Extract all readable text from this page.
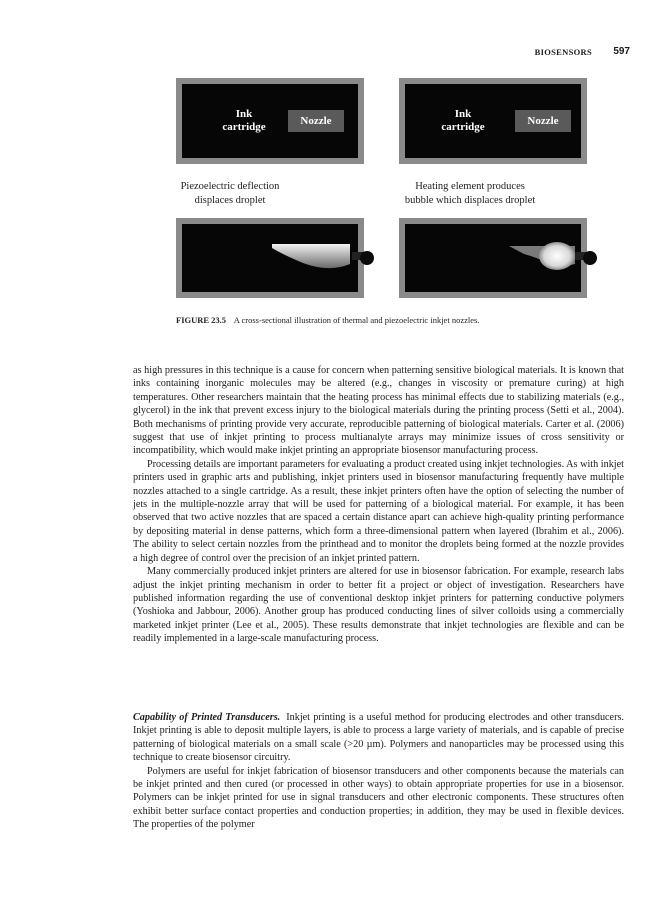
BIOSENSORS 597
Ink
cartridge	Nozzle
Ink
cartridge	Nozzle
Piezoelectric deflection
displaces droplet
Heating element produces
bubble which displaces droplet
FIGURE 23.5 A cross-sectional illustration of thermal and piezoelectric inkjet nozzles.

as high pressures in this technique is a cause for concern when patterning sensitive biological materials. It is known that inks containing inorganic molecules may be altered (e.g., changes in viscosity or premature curing) at high temperatures. Other researchers maintain that the heating process has minimal effects due to stabilizing materials (e.g., glycerol) in the ink that prevent excess injury to the biological materials during the printing process (Setti et al., 2004). Both mechanisms of printing provide very accurate, reproducible patterning of biological materials. Carter et al. (2006) suggest that use of inkjet printing to process multianalyte arrays may minimize issues of cross sensitivity or incompatibility, which would make inkjet printing an appropriate biosensor manufacturing process.

Processing details are important parameters for evaluating a product created using inkjet technologies. As with inkjet printers used in graphic arts and publishing, inkjet printers used in biosensor manufacturing frequently have multiple nozzles attached to a single cartridge. As a result, these inkjet printers often have the option of selecting the number of jets in the multiple-nozzle array that will be used for patterning of a biological material. For example, it has been observed that two active nozzles that are spaced a certain distance apart can achieve high-quality printing performance by depositing material in dense patterns, which form a three-dimensional pattern when layered (Ibrahim et al., 2006). The ability to select certain nozzles from the printhead and to monitor the droplets being formed at the nozzle provides a high degree of control over the precision of an inkjet printed pattern.

Many commercially produced inkjet printers are altered for use in biosensor fabrication. For example, research labs adjust the inkjet printing mechanism in order to better fit a project or object of investigation. Researchers have published information regarding the use of conventional desktop inkjet printers for patterning conductive polymers (Yoshioka and Jabbour, 2006). Another group has produced conducting lines of silver colloids using a commercially marketed inkjet printer (Lee et al., 2005). These results demonstrate that inkjet technologies are flexible and can be readily implemented in a large-scale manufacturing process.

Capability of Printed Transducers. Inkjet printing is a useful method for producing electrodes and other transducers. Inkjet printing is able to deposit multiple layers, is able to process a large variety of materials, and is capable of precise patterning of biological materials on a small scale (>20 µm). Polymers and nanoparticles may be processed using this technique to create biosensor circuitry.

Polymers are useful for inkjet fabrication of biosensor transducers and other components because the materials can be inkjet printed and then cured (or processed in other ways) to obtain appropriate properties for use in a biosensor. Polymers can be inkjet printed for use in signal transducers and other electronic components. These structures often exhibit better surface contact properties and conduction properties; in addition, they may be used in flexible devices. The properties of the polymer
